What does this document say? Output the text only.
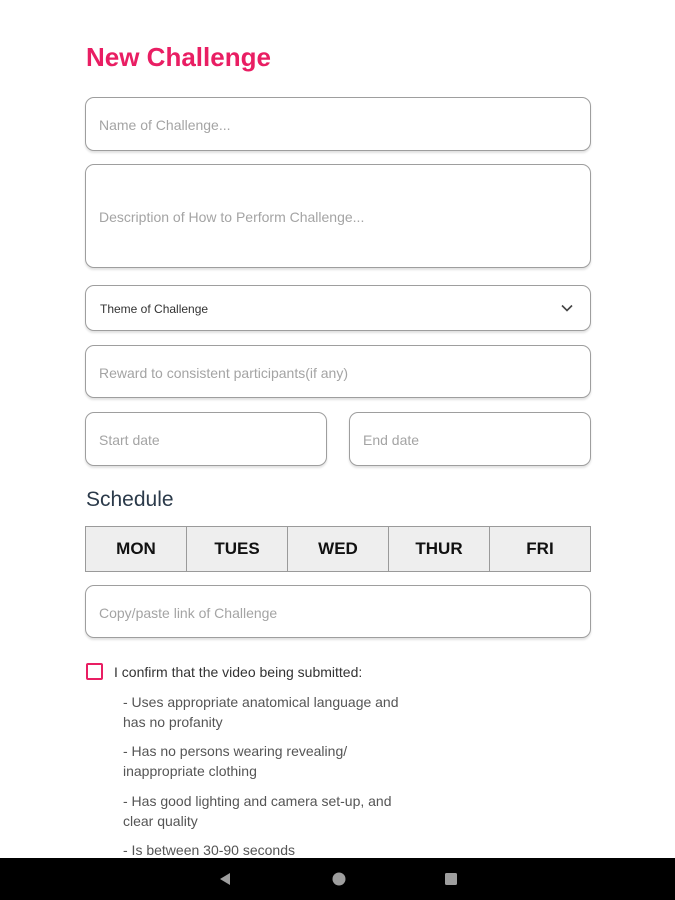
New Challenge
Name of Challenge...
Description of How to Perform Challenge...
Theme of Challenge
Reward to consistent participants(if any)
Start date	End date
Schedule
MON	TUES	WED	THUR	FRI
Copy/paste link of Challenge
I confirm that the video being submitted:
- Uses appropriate anatomical language and has no profanity
- Has no persons wearing revealing/ inappropriate clothing
- Has good lighting and camera set-up, and clear quality
- Is between 30-90 seconds
